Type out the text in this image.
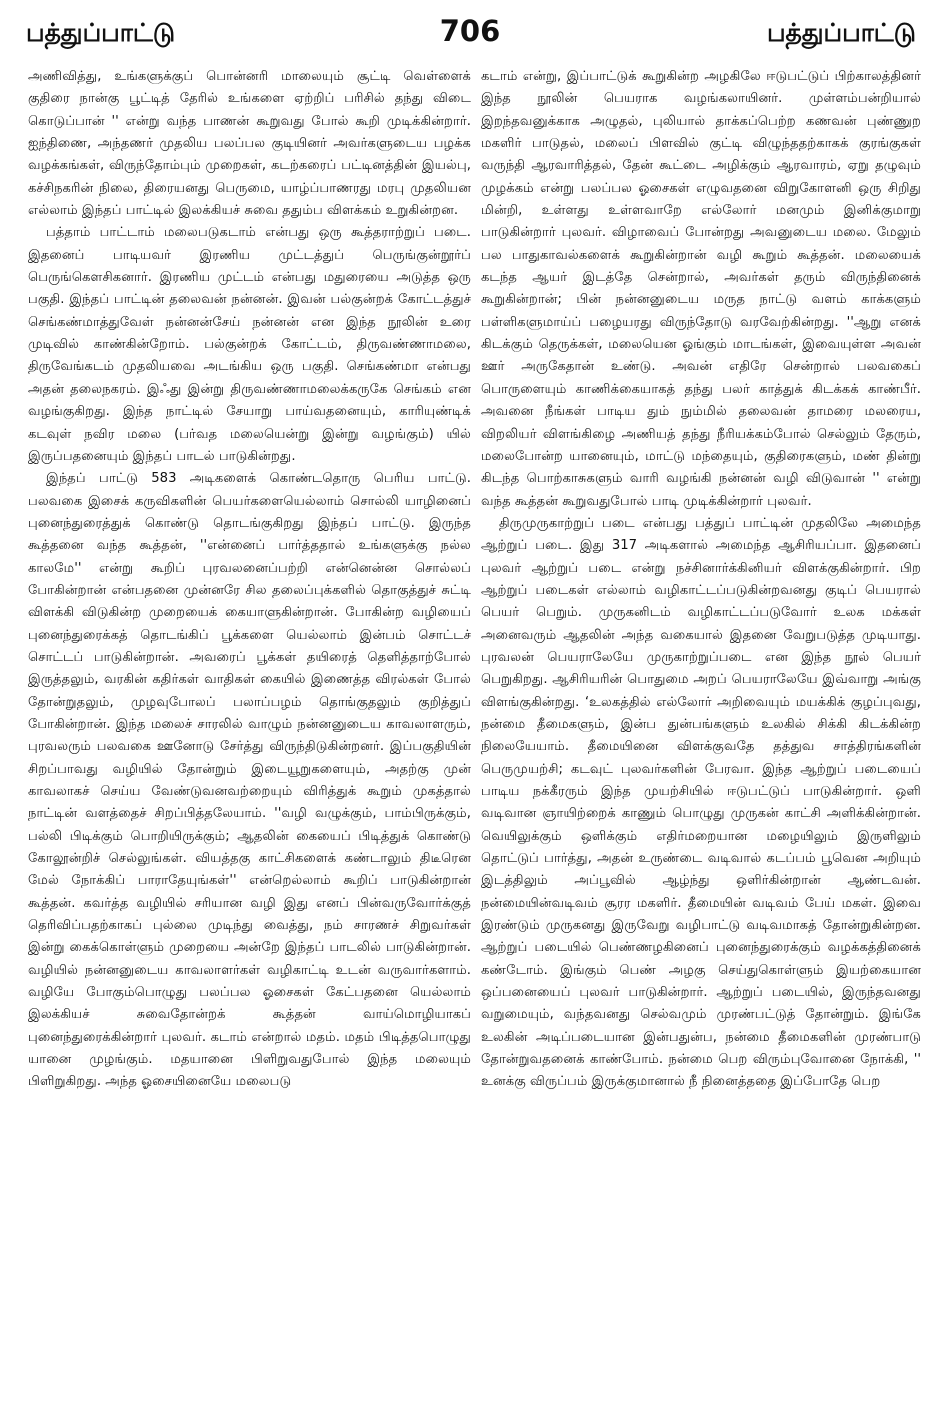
பத்துப்பாட்டு	706	பத்துப்பாட்டு

அணிவித்து, உங்களுக்குப் பொன்னரி மாலையும் சூட்டி வெள்ளைக் குதிரை நான்கு பூட்டித் தேரில் உங்களை ஏற்றிப் பரிசில் தந்து விடை கொடுப்பான் '' என்று வந்த பாணன் கூறுவது போல் கூறி முடிக்கின்றார். ஐந்திணை, அந்தணர் முதலிய பலப்பல குடியினர் அவர்களுடைய பழக்க வழக்கங்கள், விருந்தோம்பும் முறைகள், கடற்கரைப் பட்டினத்தின் இயல்பு, கச்சிநகரின் நிலை, திரையனது பெருமை, யாழ்ப்பாணரது மரபு முதலியன எல்லாம் இந்தப் பாட்டில் இலக்கியச் சுவை ததும்ப விளக்கம் உறுகின்றன.

பத்தாம் பாட்டாம் மலைபடுகடாம் என்பது ஒரு கூத்தராற்றுப் படை. இதனைப் பாடியவர் இரணிய முட்டத்துப் பெருங்குன்றூர்ப் பெருங்கௌசிகனார். இரணிய முட்டம் என்பது மதுரையை அடுத்த ஒரு பகுதி. இந்தப் பாட்டின் தலைவன் நன்னன். இவன் பல்குன்றக் கோட்டத்துச் செங்கண்மாத்துவேள் நன்னன்சேய் நன்னன் என இந்த நூலின் உரை முடிவில் காண்கின்றோம். பல்குன்றக் கோட்டம், திருவண்ணாமலை, திருவேங்கடம் முதலியவை அடங்கிய ஒரு பகுதி. செங்கண்மா என்பது அதன் தலைநகரம். இஃது இன்று திருவண்ணாமலைக்கருகே செங்கம் என வழங்குகிறது. இந்த நாட்டில் சேயாறு பாய்வதனையும், காரியுண்டிக் கடவுள் நவிர மலை (பர்வத மலையென்று இன்று வழங்கும்) யில் இருப்பதனையும் இந்தப் பாடல் பாடுகின்றது.

இந்தப் பாட்டு 583 அடிகளைக் கொண்டதொரு பெரிய பாட்டு. பலவகை இசைக் கருவிகளின் பெயர்களையெல்லாம் சொல்லி யாழினைப் புனைந்துரைத்துக் கொண்டு தொடங்குகிறது இந்தப் பாட்டு. இருந்த கூத்தனை வந்த கூத்தன், ''என்னைப் பார்த்ததால் உங்களுக்கு நல்ல காலமே'' என்று கூறிப் புரவலனைப்பற்றி என்னென்ன சொல்லப் போகின்றான் என்பதனை முன்னரே சில தலைப்புக்களில் தொகுத்துச் சுட்டி விளக்கி விடுகின்ற முறையைக் கையாளுகின்றான். போகின்ற வழியைப் புனைந்துரைக்கத் தொடங்கிப் பூக்களை யெல்லாம் இன்பம் சொட்டச் சொட்டப் பாடுகின்றான். அவரைப் பூக்கள் தயிரைத் தெளித்தாற்போல் இருத்தலும், வரகின் கதிர்கள் வாதிகள் கையில் இணைத்த விரல்கள் போல் தோன்றுதலும், முழவுபோலப் பலாப்பழம் தொங்குதலும் குறித்துப் போகின்றான். இந்த மலைச் சாரலில் வாழும் நன்னனுடைய காவலாளரும், புரவலரும் பலவகை ஊனோடு சேர்த்து விருந்திடுகின்றனர். இப்பகுதியின் சிறப்பாவது வழியில் தோன்றும் இடையூறுகளையும், அதற்கு முன் காவலாகச் செய்ய வேண்டுவனவற்றையும் விரித்துக் கூறும் முகத்தால் நாட்டின் வளத்தைச் சிறப்பித்தலேயாம். ''வழி வழுக்கும், பாம்பிருக்கும், பல்லி பிடிக்கும் பொறியிருக்கும்; ஆதலின் கையைப் பிடித்துக் கொண்டு கோலூன்றிச் செல்லுங்கள். வியத்தகு காட்சிகளைக் கண்டாலும் திடீரென மேல் நோக்கிப் பாராதேயுங்கள்'' என்றெல்லாம் கூறிப் பாடுகின்றான் கூத்தன். கவர்த்த வழியில் சரியான வழி இது எனப் பின்வருவோர்க்குத் தெரிவிப்பதற்காகப் புல்லை முடிந்து வைத்து, நம் சாரணச் சிறுவர்கள் இன்று கைக்கொள்ளும் முறையை அன்றே இந்தப் பாடலில் பாடுகின்றான். வழியில் நன்னனுடைய காவலாளர்கள் வழிகாட்டி உடன் வருவார்களாம். வழியே போகும்பொழுது பலப்பல ஓசைகள் கேட்பதனை யெல்லாம் இலக்கியச் சுவைதோன்றக் கூத்தன் வாய்மொழியாகப் புனைந்துரைக்கின்றார் புலவர். கடாம் என்றால் மதம். மதம் பிடித்தபொழுது யானை முழங்கும். மதயானை பிளிறுவதுபோல் இந்த மலையும் பிளிறுகிறது. அந்த ஓசையினையே மலைபடு

கடாம் என்று, இப்பாட்டுக் கூறுகின்ற அழகிலே ஈடுபட்டுப் பிற்காலத்தினர் இந்த நூலின் பெயராக வழங்கலாயினர். முள்ளம்பன்றியால் இறந்தவனுக்காக அழுதல், புலியால் தாக்கப்பெற்ற கணவன் புண்ணுற மகளிர் பாடுதல், மலைப் பிளவில் குட்டி விழுந்ததற்காகக் குரங்குகள் வருந்தி ஆரவாரித்தல், தேன் கூட்டை அழிக்கும் ஆரவாரம், ஏறு தழுவும் முழக்கம் என்று பலப்பல ஓசைகள் எழுவதனை விறுகோளனி ஒரு சிறிது மின்றி, உள்ளது உள்ளவாறே எல்லோர் மனமும் இனிக்குமாறு பாடுகின்றார் புலவர். விழாவைப் போன்றது அவனுடைய மலை. மேலும் பல பாதுகாவல்களைக் கூறுகின்றான் வழி கூறும் கூத்தன். மலையைக் கடந்த ஆயர் இடத்தே சென்றால், அவர்கள் தரும் விருந்தினைக் கூறுகின்றான்; பின் நன்னனுடைய மருத நாட்டு வளம் காக்களும் பள்ளிகளுமாய்ப் பழையரது விருந்தோடு வரவேற்கின்றது. ''ஆறு எனக் கிடக்கும் தெருக்கள், மலையென ஓங்கும் மாடங்கள், இவையுள்ள அவன் ஊர் அருகேதான் உண்டு. அவன் எதிரே சென்றால் பலவகைப் பொருளையும் காணிக்கையாகத் தந்து பலர் காத்துக் கிடக்கக் காண்பீர். அவனை நீங்கள் பாடிய தும் நும்மில் தலைவன் தாமரை மலரைய, விறலியர் விளங்கிழை அணியத் தந்து நீரியக்கம்போல் செல்லும் தேரும், மலைபோன்ற யானையும், மாட்டு மந்தையும், குதிரைகளும், மண் தின்று கிடந்த பொற்காசுகளும் வாரி வழங்கி நன்னன் வழி விடுவான் '' என்று வந்த கூத்தன் கூறுவதுபோல் பாடி முடிக்கின்றார் புலவர்.

திருமுருகாற்றுப் படை என்பது பத்துப் பாட்டின் முதலிலே அமைந்த ஆற்றுப் படை. இது 317 அடிகளால் அமைந்த ஆசிரியப்பா. இதனைப் புலவர் ஆற்றுப் படை என்று நச்சினார்க்கினியர் விளக்குகின்றார். பிற ஆற்றுப் படைகள் எல்லாம் வழிகாட்டப்படுகின்றவனது குடிப் பெயரால் பெயர் பெறும். முருகனிடம் வழிகாட்டப்படுவோர் உலக மக்கள் அனைவரும் ஆதலின் அந்த வகையால் இதனை வேறுபடுத்த முடியாது. புரவலன் பெயராலேயே முருகாற்றுப்படை என இந்த நூல் பெயர் பெறுகிறது. ஆசிரியரின் பொதுமை அறப் பெயராலேயே இவ்வாறு அங்கு விளங்குகின்றது. ‘உலகத்தில் எல்லோர் அறிவையும் மயக்கிக் குழப்புவது, நன்மை தீமைகளும், இன்ப துன்பங்களும் உலகில் சிக்கி கிடக்கின்ற நிலையேயாம். தீமையினை விளக்குவதே தத்துவ சாத்திரங்களின் பெருமுயற்சி; கடவுட் புலவர்களின் பேரவா. இந்த ஆற்றுப் படையைப் பாடிய நக்கீரரும் இந்த முயற்சியில் ஈடுபட்டுப் பாடுகின்றார். ஒளி வடிவான ஞாயிற்றைக் காணும் பொழுது முருகன் காட்சி அளிக்கின்றான். வெயிலுக்கும் ஒளிக்கும் எதிர்மறையான மழையிலும் இருளிலும் தொட்டுப் பார்த்து, அதன் உருண்டை வடிவால் கடப்பம் பூவென அறியும் இடத்திலும் அப்பூவில் ஆழ்ந்து ஒளிர்கின்றான் ஆண்டவன். நன்மையின்வடிவம் சூரர மகளிர். தீமையின் வடிவம் பேய் மகள். இவை இரண்டும் முருகனது இருவேறு வழிபாட்டு வடிவமாகத் தோன்றுகின்றன. ஆற்றுப் படையில் பெண்ணழகினைப் புனைந்துரைக்கும் வழக்கத்தினைக் கண்டோம். இங்கும் பெண் அழகு செய்துகொள்ளும் இயற்கையான ஒப்பனையைப் புலவர் பாடுகின்றார். ஆற்றுப் படையில், இருந்தவனது வறுமையும், வந்தவனது செல்வமும் முரண்பட்டுத் தோன்றும். இங்கே உலகின் அடிப்படையான இன்பதுன்ப, நன்மை தீமைகளின் முரண்பாடு தோன்றுவதனைக் காண்போம். நன்மை பெற விரும்புவோனை நோக்கி, '' உனக்கு விருப்பம் இருக்குமானால் நீ நினைத்ததை இப்போதே பெற
